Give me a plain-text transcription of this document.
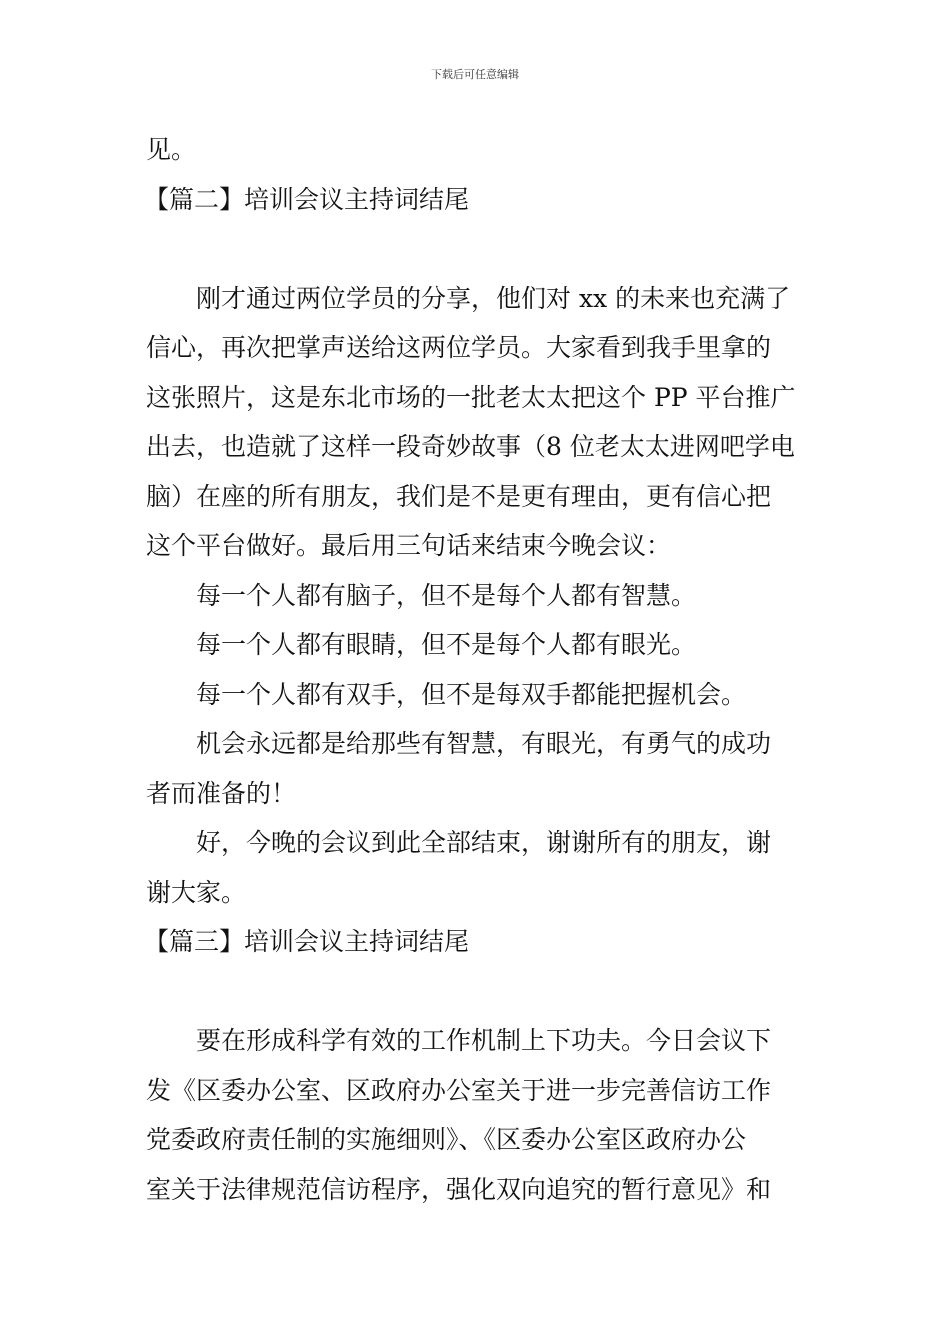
下载后可任意编辑
见。
【篇二】培训会议主持词结尾
刚才通过两位学员的分享，他们对 xx 的未来也充满了
信心，再次把掌声送给这两位学员。大家看到我手里拿的
这张照片，这是东北市场的一批老太太把这个 PP 平台推广
出去，也造就了这样一段奇妙故事（8 位老太太进网吧学电
脑）在座的所有朋友，我们是不是更有理由，更有信心把
这个平台做好。最后用三句话来结束今晚会议：
每一个人都有脑子，但不是每个人都有智慧。
每一个人都有眼睛，但不是每个人都有眼光。
每一个人都有双手，但不是每双手都能把握机会。
机会永远都是给那些有智慧，有眼光，有勇气的成功
者而准备的！
好，今晚的会议到此全部结束，谢谢所有的朋友，谢
谢大家。
【篇三】培训会议主持词结尾
要在形成科学有效的工作机制上下功夫。今日会议下
发《区委办公室、区政府办公室关于进一步完善信访工作
党委政府责任制的实施细则》、《区委办公室区政府办公
室关于法律规范信访程序，强化双向追究的暂行意见》和
